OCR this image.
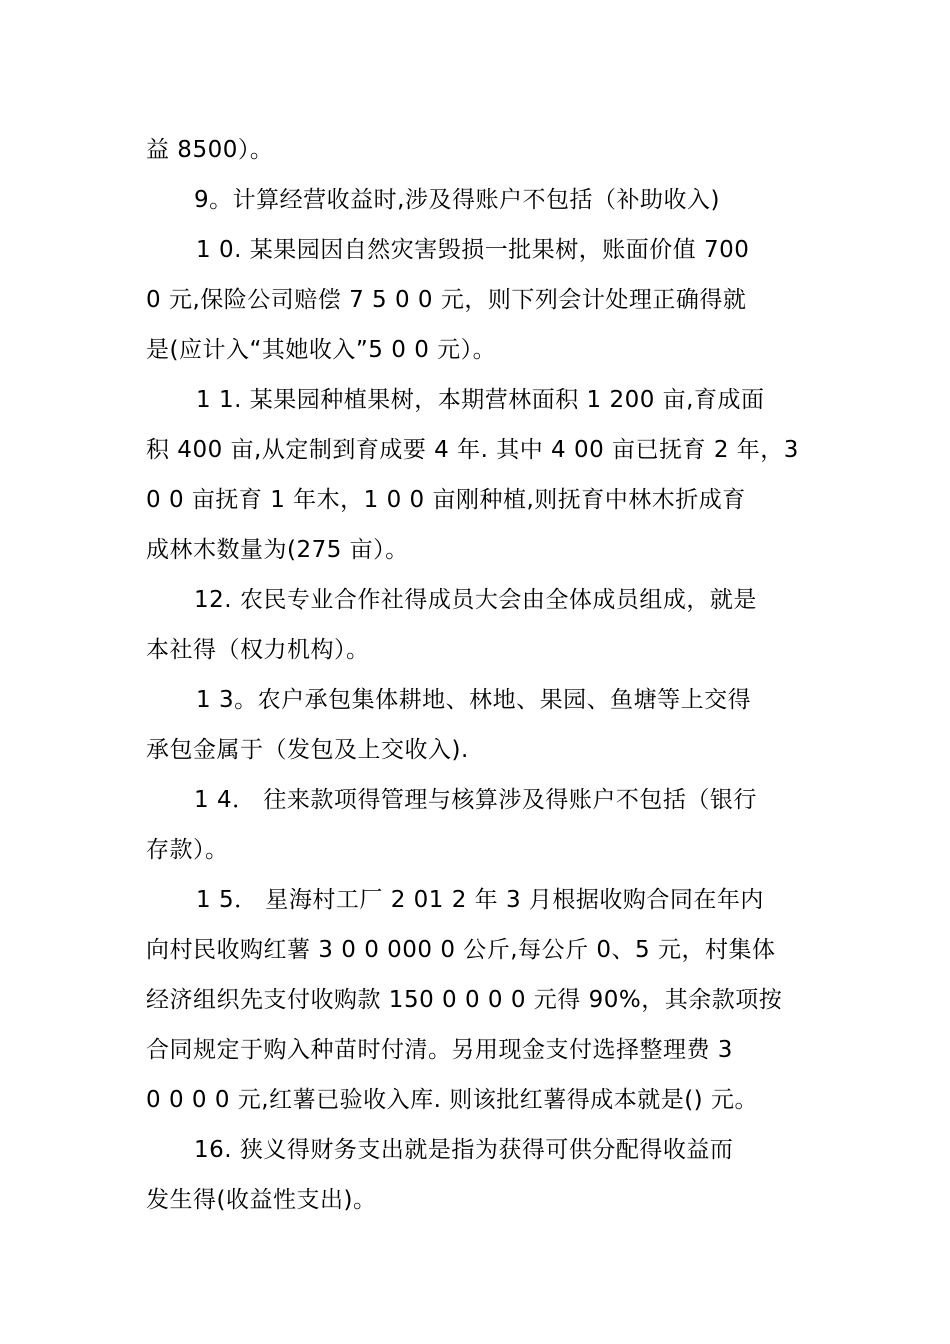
益 8500）。
9。计算经营收益时,涉及得账户不包括（补助收入)
1 0. 某果园因自然灾害毁损一批果树，账面价值 700
0 元,保险公司赔偿 7 5 0 0 元，则下列会计处理正确得就
是(应计入“其她收入”5 0 0 元）。
1 1. 某果园种植果树，本期营林面积 1 200 亩,育成面
积 400 亩,从定制到育成要 4 年. 其中 4 00 亩已抚育 2 年，3
0 0 亩抚育 1 年木，1 0 0 亩刚种植,则抚育中林木折成育
成林木数量为(275 亩）。
12. 农民专业合作社得成员大会由全体成员组成，就是
本社得（权力机构）。
1 3。农户承包集体耕地、林地、果园、鱼塘等上交得
承包金属于（发包及上交收入).
1 4． 往来款项得管理与核算涉及得账户不包括（银行
存款）。
1 5． 星海村工厂 2 01 2 年 3 月根据收购合同在年内
向村民收购红薯 3 0 0 000 0 公斤,每公斤 0、5 元，村集体
经济组织先支付收购款 150 0 0 0 0 元得 90%，其余款项按
合同规定于购入种苗时付清。另用现金支付选择整理费 3
0 0 0 0 元,红薯已验收入库. 则该批红薯得成本就是() 元。
16. 狭义得财务支出就是指为获得可供分配得收益而
发生得(收益性支出)。
